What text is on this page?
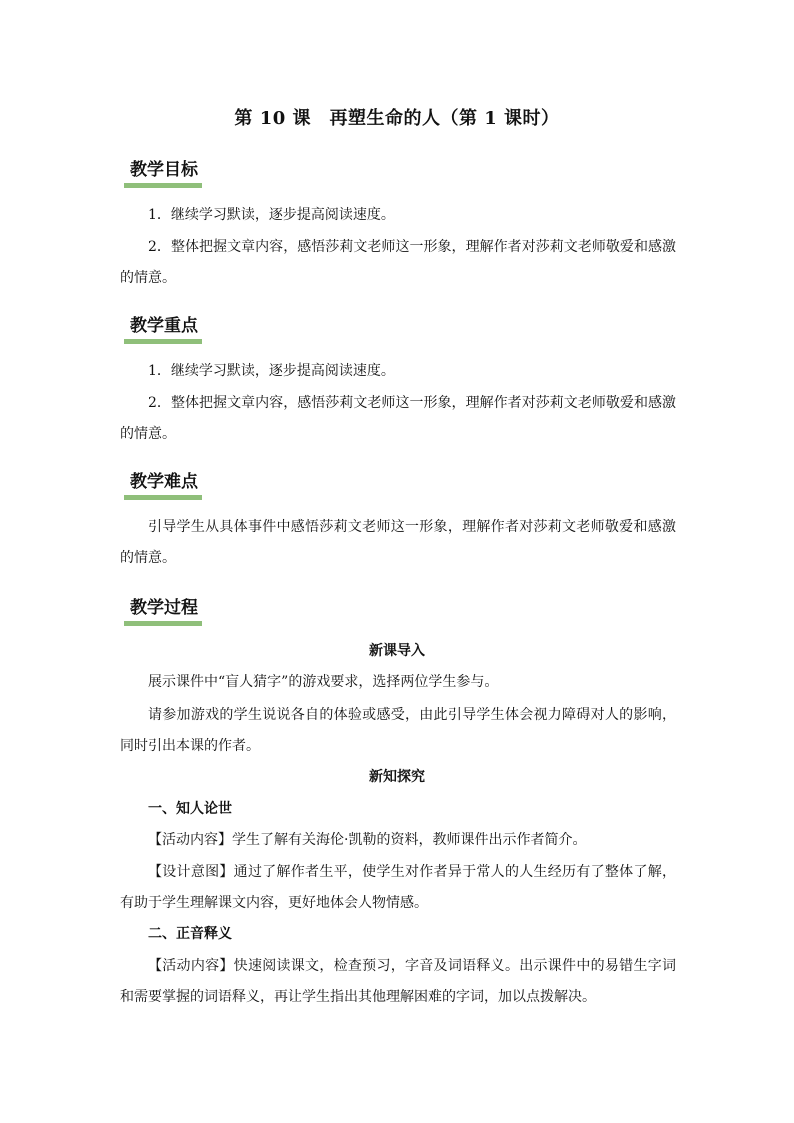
第 10 课　再塑生命的人（第 1 课时）
教学目标

1．继续学习默读，逐步提高阅读速度。

2．整体把握文章内容，感悟莎莉文老师这一形象，理解作者对莎莉文老师敬爱和感激的情意。

教学重点

1．继续学习默读，逐步提高阅读速度。

2．整体把握文章内容，感悟莎莉文老师这一形象，理解作者对莎莉文老师敬爱和感激的情意。

教学难点

引导学生从具体事件中感悟莎莉文老师这一形象，理解作者对莎莉文老师敬爱和感激的情意。

教学过程
新课导入

展示课件中“盲人猜字”的游戏要求，选择两位学生参与。

请参加游戏的学生说说各自的体验或感受，由此引导学生体会视力障碍对人的影响，同时引出本课的作者。

新知探究

一、知人论世

【活动内容】学生了解有关海伦·凯勒的资料，教师课件出示作者简介。

【设计意图】通过了解作者生平，使学生对作者异于常人的人生经历有了整体了解，有助于学生理解课文内容，更好地体会人物情感。

二、正音释义

【活动内容】快速阅读课文，检查预习，字音及词语释义。出示课件中的易错生字词和需要掌握的词语释义，再让学生指出其他理解困难的字词，加以点拨解决。
